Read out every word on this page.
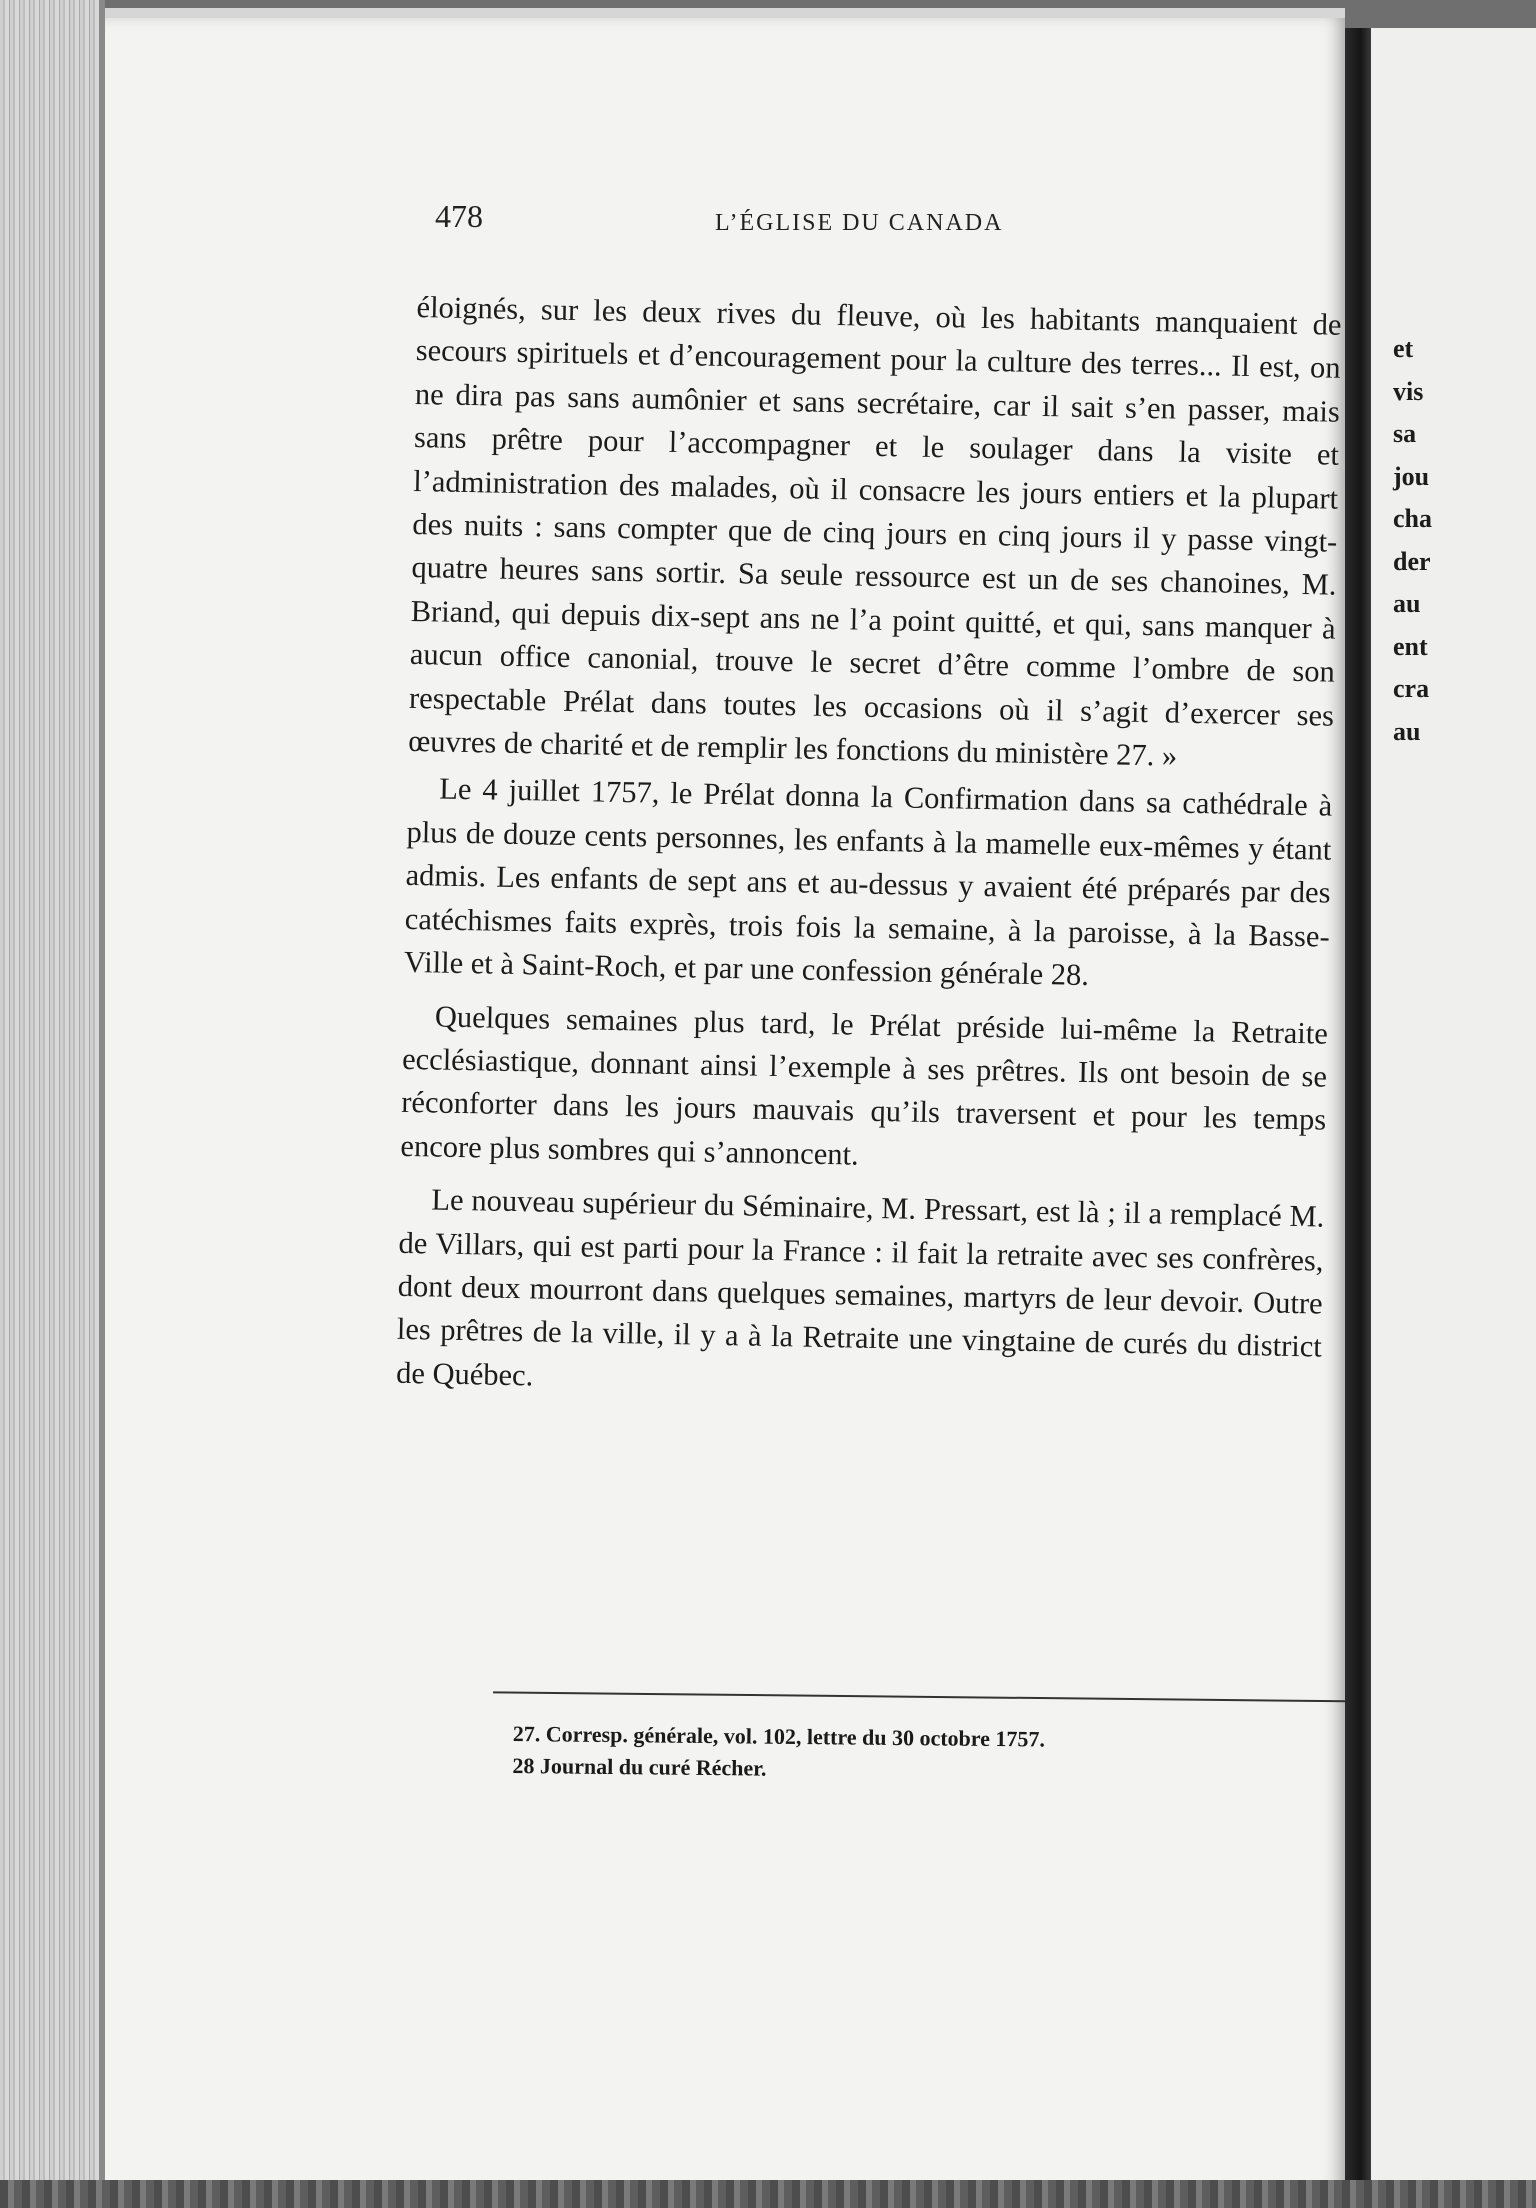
478	L’ÉGLISE DU CANADA

éloignés, sur les deux rives du fleuve, où les habitants manquaient de secours spirituels et d’encouragement pour la culture des terres... Il est, on ne dira pas sans aumônier et sans secrétaire, car il sait s’en passer, mais sans prêtre pour l’accompagner et le soulager dans la visite et l’administration des malades, où il consacre les jours entiers et la plupart des nuits : sans compter que de cinq jours en cinq jours il y passe vingt-quatre heures sans sortir. Sa seule ressource est un de ses chanoines, M. Briand, qui depuis dix-sept ans ne l’a point quitté, et qui, sans manquer à aucun office canonial, trouve le secret d’être comme l’ombre de son respectable Prélat dans toutes les occasions où il s’agit d’exercer ses œuvres de charité et de remplir les fonctions du ministère 27. »

Le 4 juillet 1757, le Prélat donna la Confirmation dans sa cathédrale à plus de douze cents personnes, les enfants à la mamelle eux-mêmes y étant admis. Les enfants de sept ans et au-dessus y avaient été préparés par des catéchismes faits exprès, trois fois la semaine, à la paroisse, à la Basse-Ville et à Saint-Roch, et par une confession générale 28.

Quelques semaines plus tard, le Prélat préside lui-même la Retraite ecclésiastique, donnant ainsi l’exemple à ses prêtres. Ils ont besoin de se réconforter dans les jours mauvais qu’ils traversent et pour les temps encore plus sombres qui s’annoncent.

Le nouveau supérieur du Séminaire, M. Pressart, est là ; il a remplacé M. de Villars, qui est parti pour la France : il fait la retraite avec ses confrères, dont deux mourront dans quelques semaines, martyrs de leur devoir. Outre les prêtres de la ville, il y a à la Retraite une vingtaine de curés du district de Québec.

27. Corresp. générale, vol. 102, lettre du 30 octobre 1757.
28 Journal du curé Récher.
et
vis
sa
jou
cha
der
au
ent
cra
au
